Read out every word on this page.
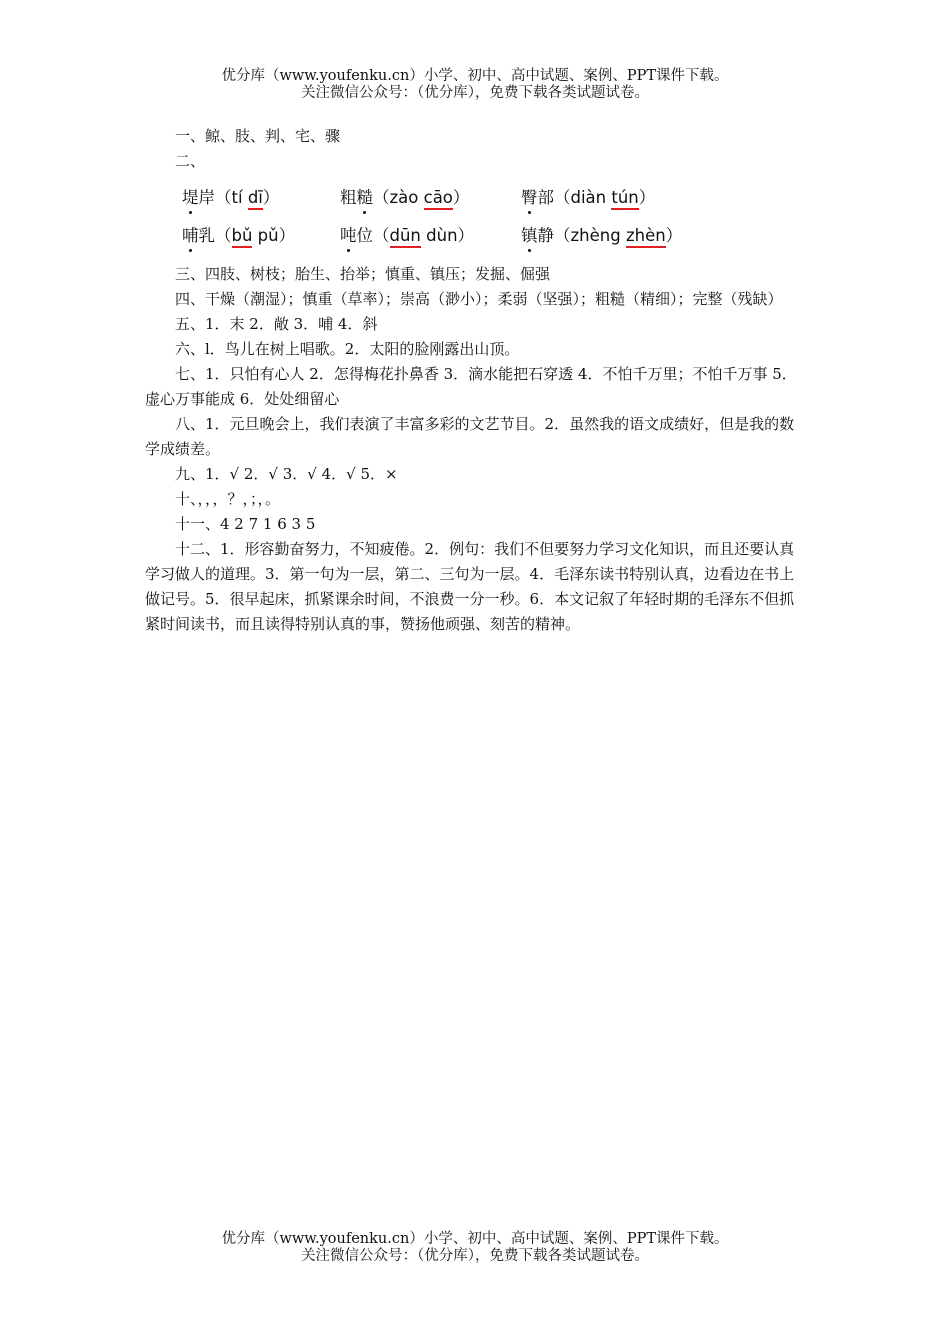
优分库（www.youfenku.cn）小学、初中、高中试题、案例、PPT课件下载。
关注微信公众号：（优分库），免费下载各类试题试卷。

一、鲸、肢、判、宅、骤

二、

堤岸（tí dī）	粗糙（zào cāo）	臀部（diàn tún）
哺乳（bǔ pǔ）	吨位（dūn dùn）	镇静（zhèng zhèn）

三、四肢、树枝；胎生、抬举；慎重、镇压；发掘、倔强

四、干燥（潮湿）；慎重（草率）；崇高（渺小）；柔弱（坚强）；粗糙（精细）；完整（残缺）

五、1．末 2．敞 3．哺 4．斜

六、l．鸟儿在树上唱歌。2．太阳的脸刚露出山顶。

七、1．只怕有心人 2．怎得梅花扑鼻香 3．滴水能把石穿透 4．不怕千万里；不怕千万事 5．虚心万事能成 6．处处细留心

八、1．元旦晚会上，我们表演了丰富多彩的文艺节目。2．虽然我的语文成绩好，但是我的数学成绩差。

九、1．√ 2．√ 3．√ 4．√ 5．×

十、，，，？，；，。

十一、4 2 7 1 6 3 5

十二、1．形容勤奋努力，不知疲倦。2．例句：我们不但要努力学习文化知识，而且还要认真学习做人的道理。3．第一句为一层，第二、三句为一层。4．毛泽东读书特别认真，边看边在书上做记号。5．很早起床，抓紧课余时间，不浪费一分一秒。6．本文记叙了年轻时期的毛泽东不但抓紧时间读书，而且读得特别认真的事，赞扬他顽强、刻苦的精神。

优分库（www.youfenku.cn）小学、初中、高中试题、案例、PPT课件下载。
关注微信公众号：（优分库），免费下载各类试题试卷。
